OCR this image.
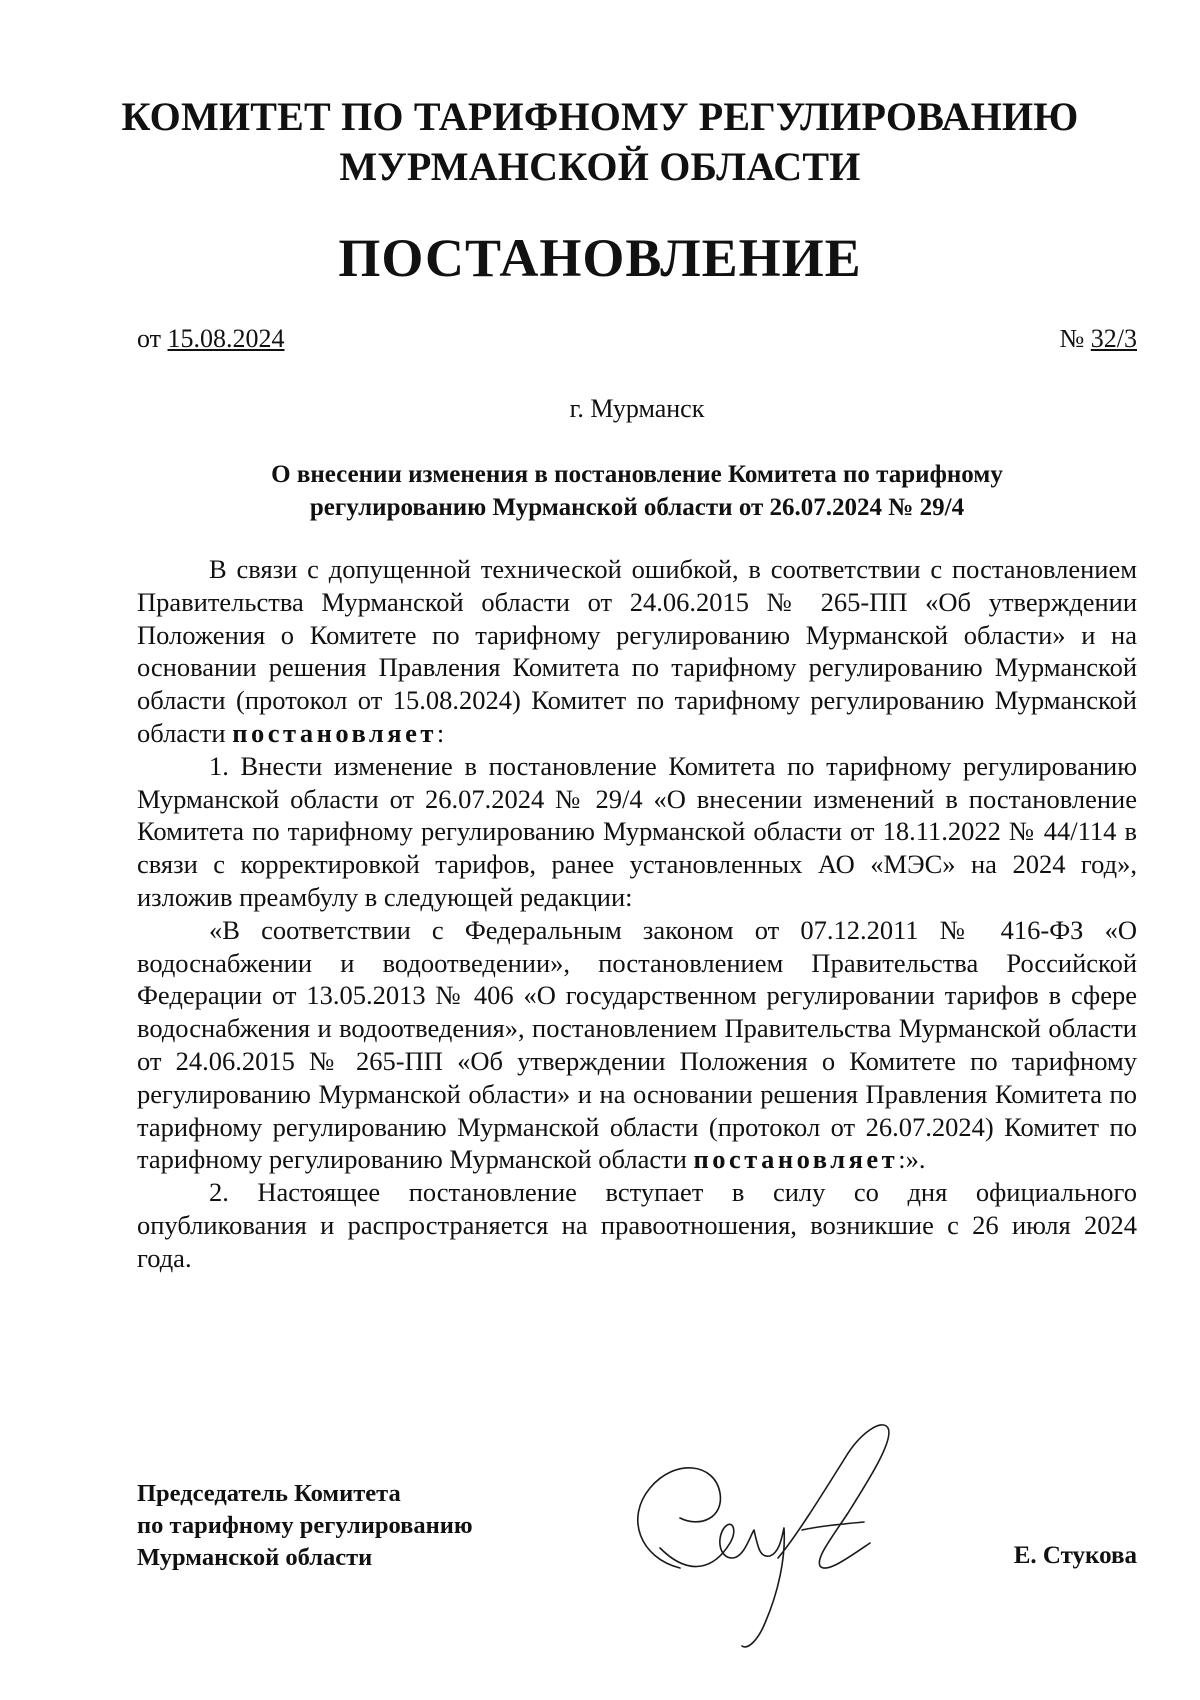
КОМИТЕТ ПО ТАРИФНОМУ РЕГУЛИРОВАНИЮ
МУРМАНСКОЙ ОБЛАСТИ
ПОСТАНОВЛЕНИЕ
от 15.08.2024	№ 32/3
г. Мурманск
О внесении изменения в постановление Комитета по тарифному
регулированию Мурманской области от 26.07.2024 № 29/4

В связи с допущенной технической ошибкой, в соответствии с постановлением Правительства Мурманской области от 24.06.2015 № 265-ПП «Об утверждении Положения о Комитете по тарифному регулированию Мурманской области» и на основании решения Правления Комитета по тарифному регулированию Мурманской области (протокол от 15.08.2024) Комитет по тарифному регулированию Мурманской области постановляет:

1. Внести изменение в постановление Комитета по тарифному регулированию Мурманской области от 26.07.2024 № 29/4 «О внесении изменений в постановление Комитета по тарифному регулированию Мурманской области от 18.11.2022 № 44/114 в связи с корректировкой тарифов, ранее установленных АО «МЭС» на 2024 год», изложив преамбулу в следующей редакции:

«В соответствии с Федеральным законом от 07.12.2011 № 416-ФЗ «О водоснабжении и водоотведении», постановлением Правительства Российской Федерации от 13.05.2013 № 406 «О государственном регулировании тарифов в сфере водоснабжения и водоотведения», постановлением Правительства Мурманской области от 24.06.2015 № 265-ПП «Об утверждении Положения о Комитете по тарифному регулированию Мурманской области» и на основании решения Правления Комитета по тарифному регулированию Мурманской области (протокол от 26.07.2024) Комитет по тарифному регулированию Мурманской области постановляет:».

2. Настоящее постановление вступает в силу со дня официального опубликования и распространяется на правоотношения, возникшие с 26 июля 2024 года.

Председатель Комитета
по тарифному регулированию
Мурманской области	Е. Стукова
